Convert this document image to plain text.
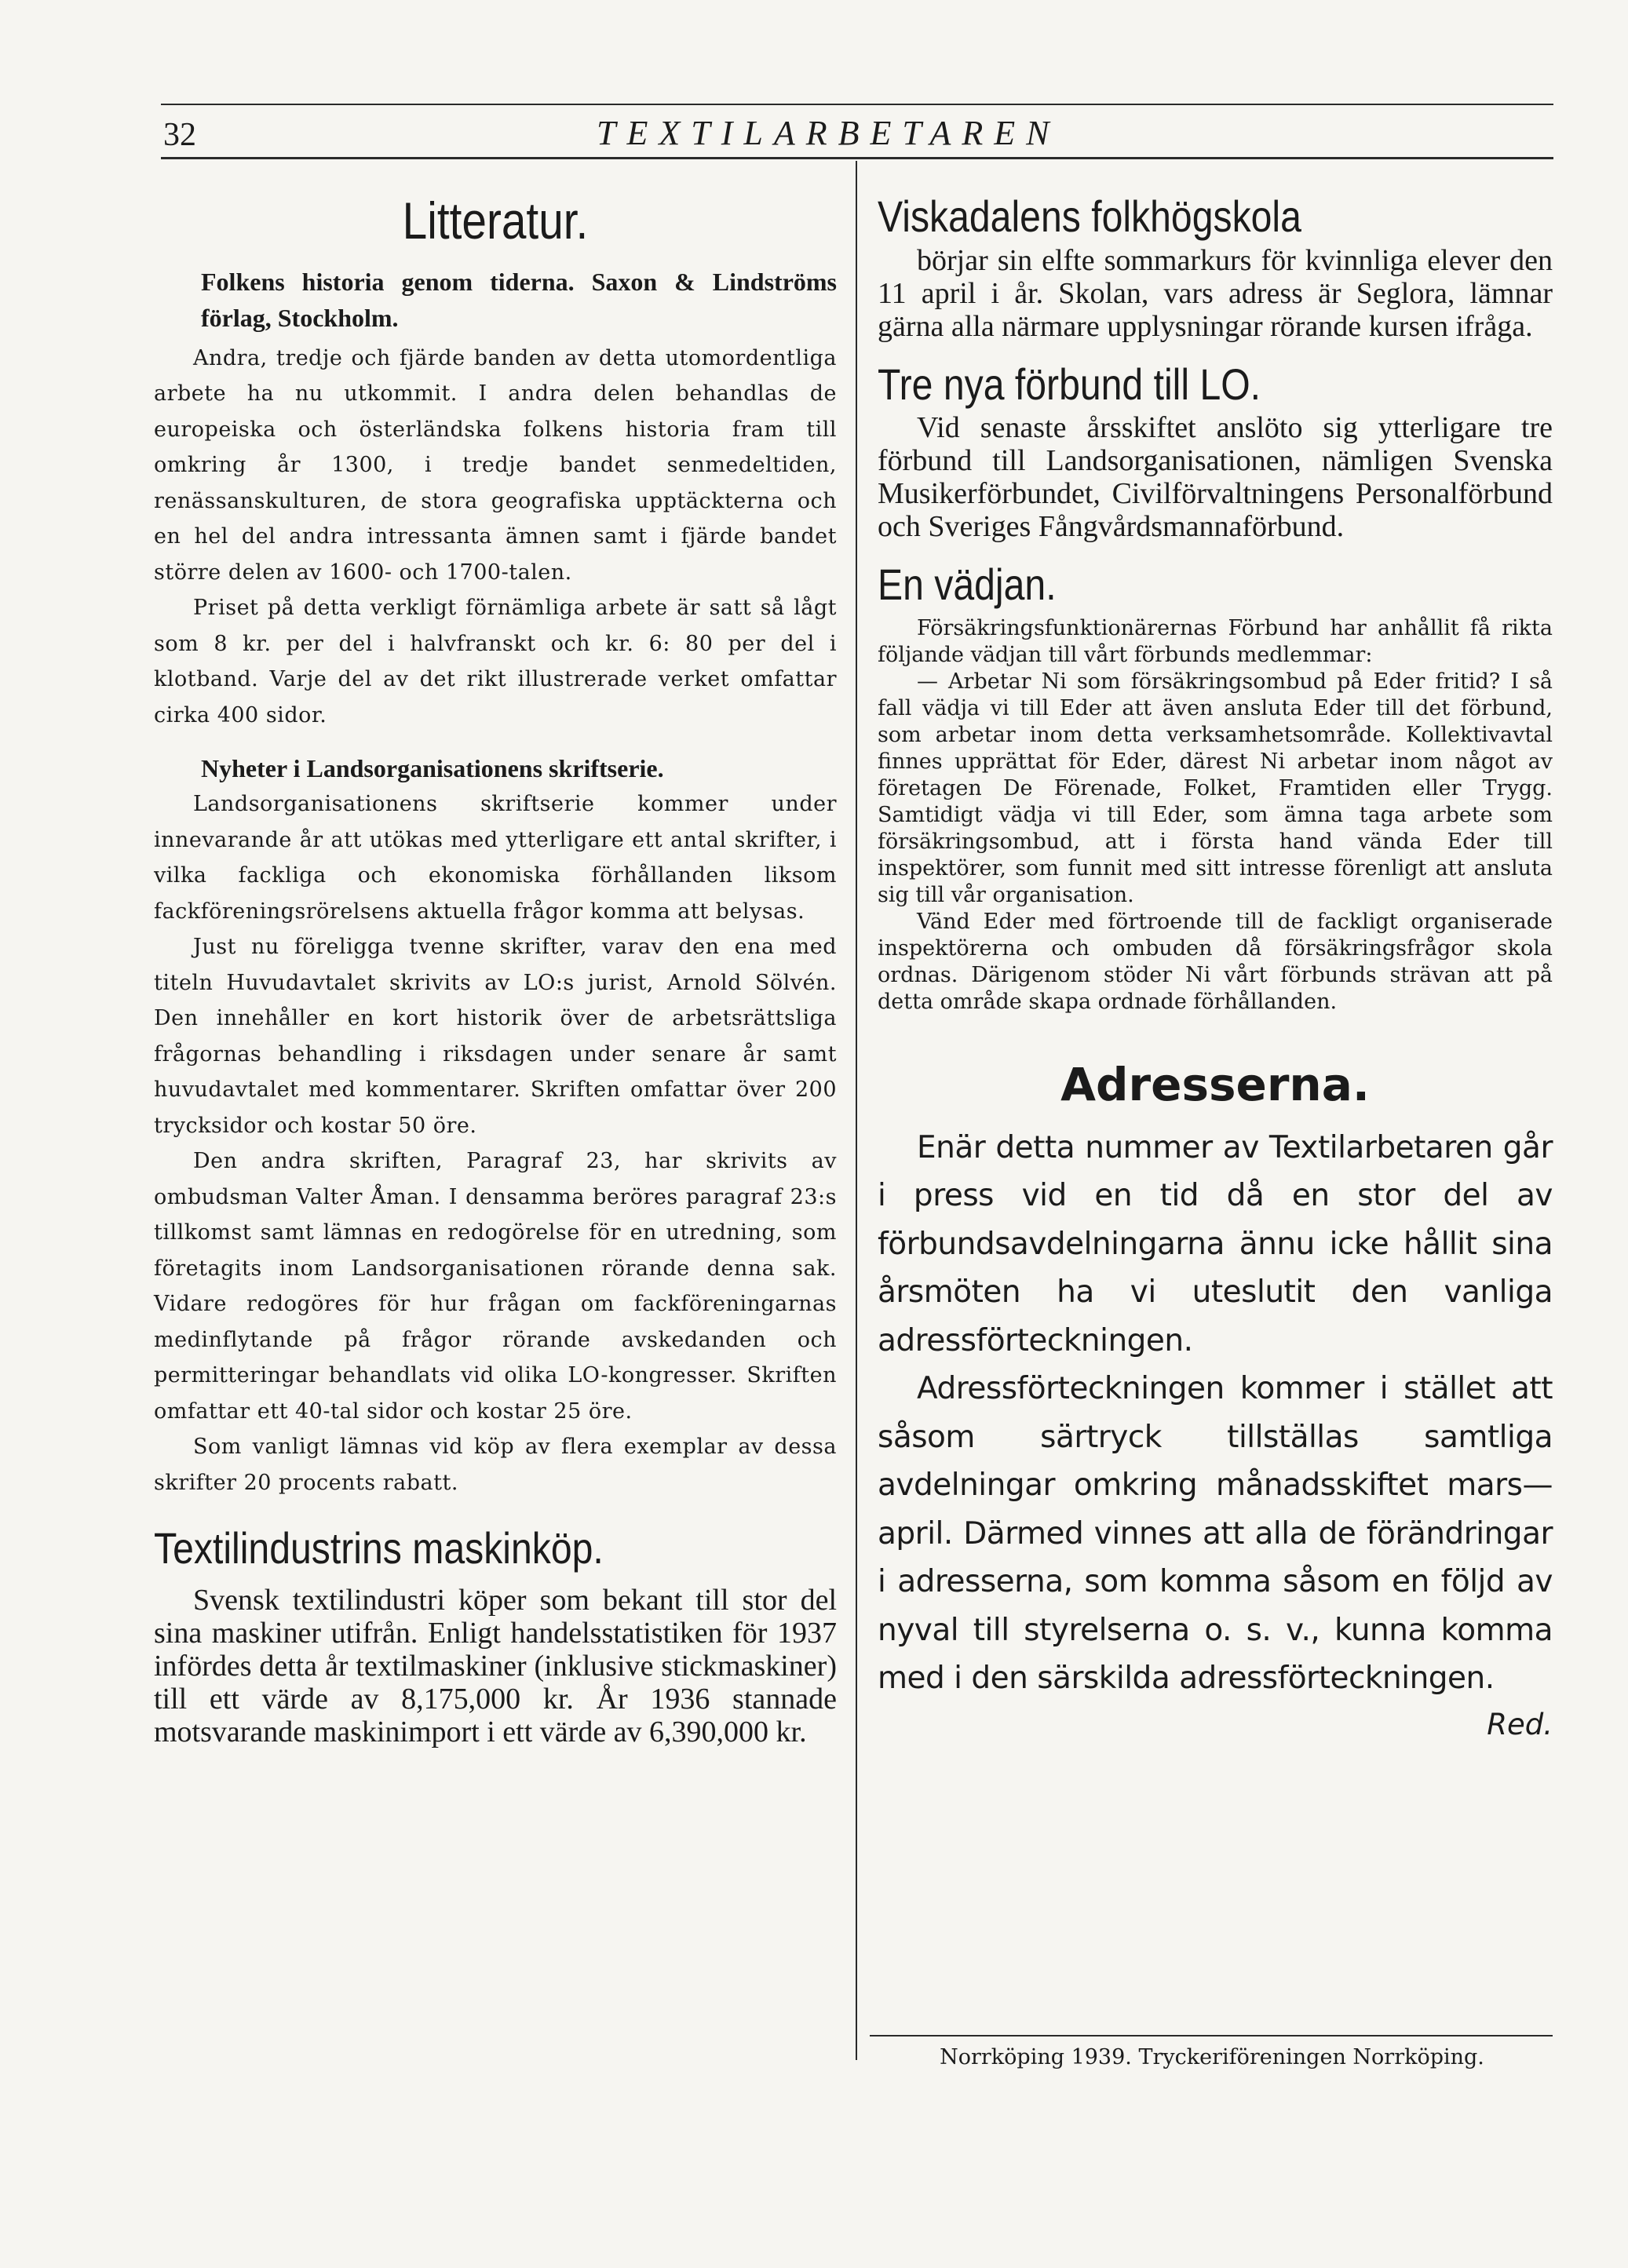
32	TEXTILARBETAREN
Litteratur.

Folkens historia genom tiderna. Saxon & Lindströms förlag, Stockholm.

Andra, tredje och fjärde banden av detta utomordentliga arbete ha nu utkommit. I andra delen behandlas de europeiska och österländska folkens historia fram till omkring år 1300, i tredje bandet senmedeltiden, renässanskulturen, de stora geografiska upptäckterna och en hel del andra intressanta ämnen samt i fjärde bandet större delen av 1600- och 1700-talen.

Priset på detta verkligt förnämliga arbete är satt så lågt som 8 kr. per del i halvfranskt och kr. 6: 80 per del i klotband. Varje del av det rikt illustrerade verket omfattar cirka 400 sidor.

Nyheter i Landsorganisationens skriftserie.

Landsorganisationens skriftserie kommer under innevarande år att utökas med ytterligare ett antal skrifter, i vilka fackliga och ekonomiska förhållanden liksom fackföreningsrörelsens aktuella frågor komma att belysas.

Just nu föreligga tvenne skrifter, varav den ena med titeln Huvudavtalet skrivits av LO:s jurist, Arnold Sölvén. Den innehåller en kort historik över de arbetsrättsliga frågornas behandling i riksdagen under senare år samt huvudavtalet med kommentarer. Skriften omfattar över 200 trycksidor och kostar 50 öre.

Den andra skriften, Paragraf 23, har skrivits av ombudsman Valter Åman. I densamma beröres paragraf 23:s tillkomst samt lämnas en redogörelse för en utredning, som företagits inom Landsorganisationen rörande denna sak. Vidare redogöres för hur frågan om fackföreningarnas medinflytande på frågor rörande avskedanden och permitteringar behandlats vid olika LO-kongresser. Skriften omfattar ett 40-tal sidor och kostar 25 öre.

Som vanligt lämnas vid köp av flera exemplar av dessa skrifter 20 procents rabatt.

Textilindustrins maskinköp.

Svensk textilindustri köper som bekant till stor del sina maskiner utifrån. Enligt handelsstatistiken för 1937 infördes detta år textilmaskiner (inklusive stickmaskiner) till ett värde av 8,175,000 kr. År 1936 stannade motsvarande maskinimport i ett värde av 6,390,000 kr.

Viskadalens folkhögskola

börjar sin elfte sommarkurs för kvinnliga elever den 11 april i år. Skolan, vars adress är Seglora, lämnar gärna alla närmare upplysningar rörande kursen ifråga.

Tre nya förbund till LO.

Vid senaste årsskiftet anslöto sig ytterligare tre förbund till Landsorganisationen, nämligen Svenska Musikerförbundet, Civilförvaltningens Personalförbund och Sveriges Fångvårdsmannaförbund.

En vädjan.

Försäkringsfunktionärernas Förbund har anhållit få rikta följande vädjan till vårt förbunds medlemmar:

— Arbetar Ni som försäkringsombud på Eder fritid? I så fall vädja vi till Eder att även ansluta Eder till det förbund, som arbetar inom detta verksamhetsområde. Kollektivavtal finnes upprättat för Eder, därest Ni arbetar inom något av företagen De Förenade, Folket, Framtiden eller Trygg. Samtidigt vädja vi till Eder, som ämna taga arbete som försäkringsombud, att i första hand vända Eder till inspektörer, som funnit med sitt intresse förenligt att ansluta sig till vår organisation.

Vänd Eder med förtroende till de fackligt organiserade inspektörerna och ombuden då försäkringsfrågor skola ordnas. Därigenom stöder Ni vårt förbunds strävan att på detta område skapa ordnade förhållanden.

Adresserna.

Enär detta nummer av Textilarbetaren går i press vid en tid då en stor del av förbundsavdelningarna ännu icke hållit sina årsmöten ha vi uteslutit den vanliga adressförteckningen.

Adressförteckningen kommer i stället att såsom särtryck tillställas samtliga avdelningar omkring månadsskiftet mars—april. Därmed vinnes att alla de förändringar i adresserna, som komma såsom en följd av nyval till styrelserna o. s. v., kunna komma med i den särskilda adressförteckningen.

Red.

Norrköping 1939. Tryckeriföreningen Norrköping.
